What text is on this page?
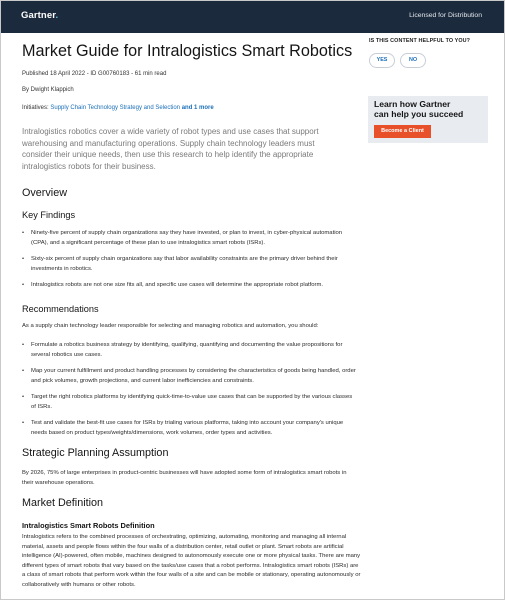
Gartner.	Licensed for Distribution
Market Guide for Intralogistics Smart Robotics
Published 18 April 2022 - ID G00760183 - 61 min read
By Dwight Klappich
Initiatives: Supply Chain Technology Strategy and Selection and 1 more
Intralogistics robotics cover a wide variety of robot types and use cases that support warehousing and manufacturing operations. Supply chain technology leaders must consider their unique needs, then use this research to help identify the appropriate intralogistics robots for their business.
Overview
Key Findings
•	Ninety-five percent of supply chain organizations say they have invested, or plan to invest, in cyber-physical automation (CPA), and a significant percentage of these plan to use intralogistics smart robots (ISRs).
•	Sixty-six percent of supply chain organizations say that labor availability constraints are the primary driver behind their investments in robotics.
•	Intralogistics robots are not one size fits all, and specific use cases will determine the appropriate robot platform.
Recommendations
As a supply chain technology leader responsible for selecting and managing robotics and automation, you should:
•	Formulate a robotics business strategy by identifying, qualifying, quantifying and documenting the value propositions for several robotics use cases.
•	Map your current fulfillment and product handling processes by considering the characteristics of goods being handled, order and pick volumes, growth projections, and current labor inefficiencies and constraints.
•	Target the right robotics platforms by identifying quick-time-to-value use cases that can be supported by the various classes of ISRs.
•	Test and validate the best-fit use cases for ISRs by trialing various platforms, taking into account your company's unique needs based on product types/weights/dimensions, work volumes, order types and activities.
Strategic Planning Assumption
By 2026, 75% of large enterprises in product-centric businesses will have adopted some form of intralogistics smart robots in their warehouse operations.
Market Definition
Intralogistics Smart Robots Definition
Intralogistics refers to the combined processes of orchestrating, optimizing, automating, monitoring and managing all internal material, assets and people flows within the four walls of a distribution center, retail outlet or plant. Smart robots are artificial intelligence (AI)-powered, often mobile, machines designed to autonomously execute one or more physical tasks. There are many different types of smart robots that vary based on the tasks/use cases that a robot performs. Intralogistics smart robots (ISRs) are a class of smart robots that perform work within the four walls of a site and can be mobile or stationary, operating autonomously or collaboratively with humans or other robots.
IS THIS CONTENT HELPFUL TO YOU?
YES	NO
Learn how Gartner
can help you succeed
Become a Client
